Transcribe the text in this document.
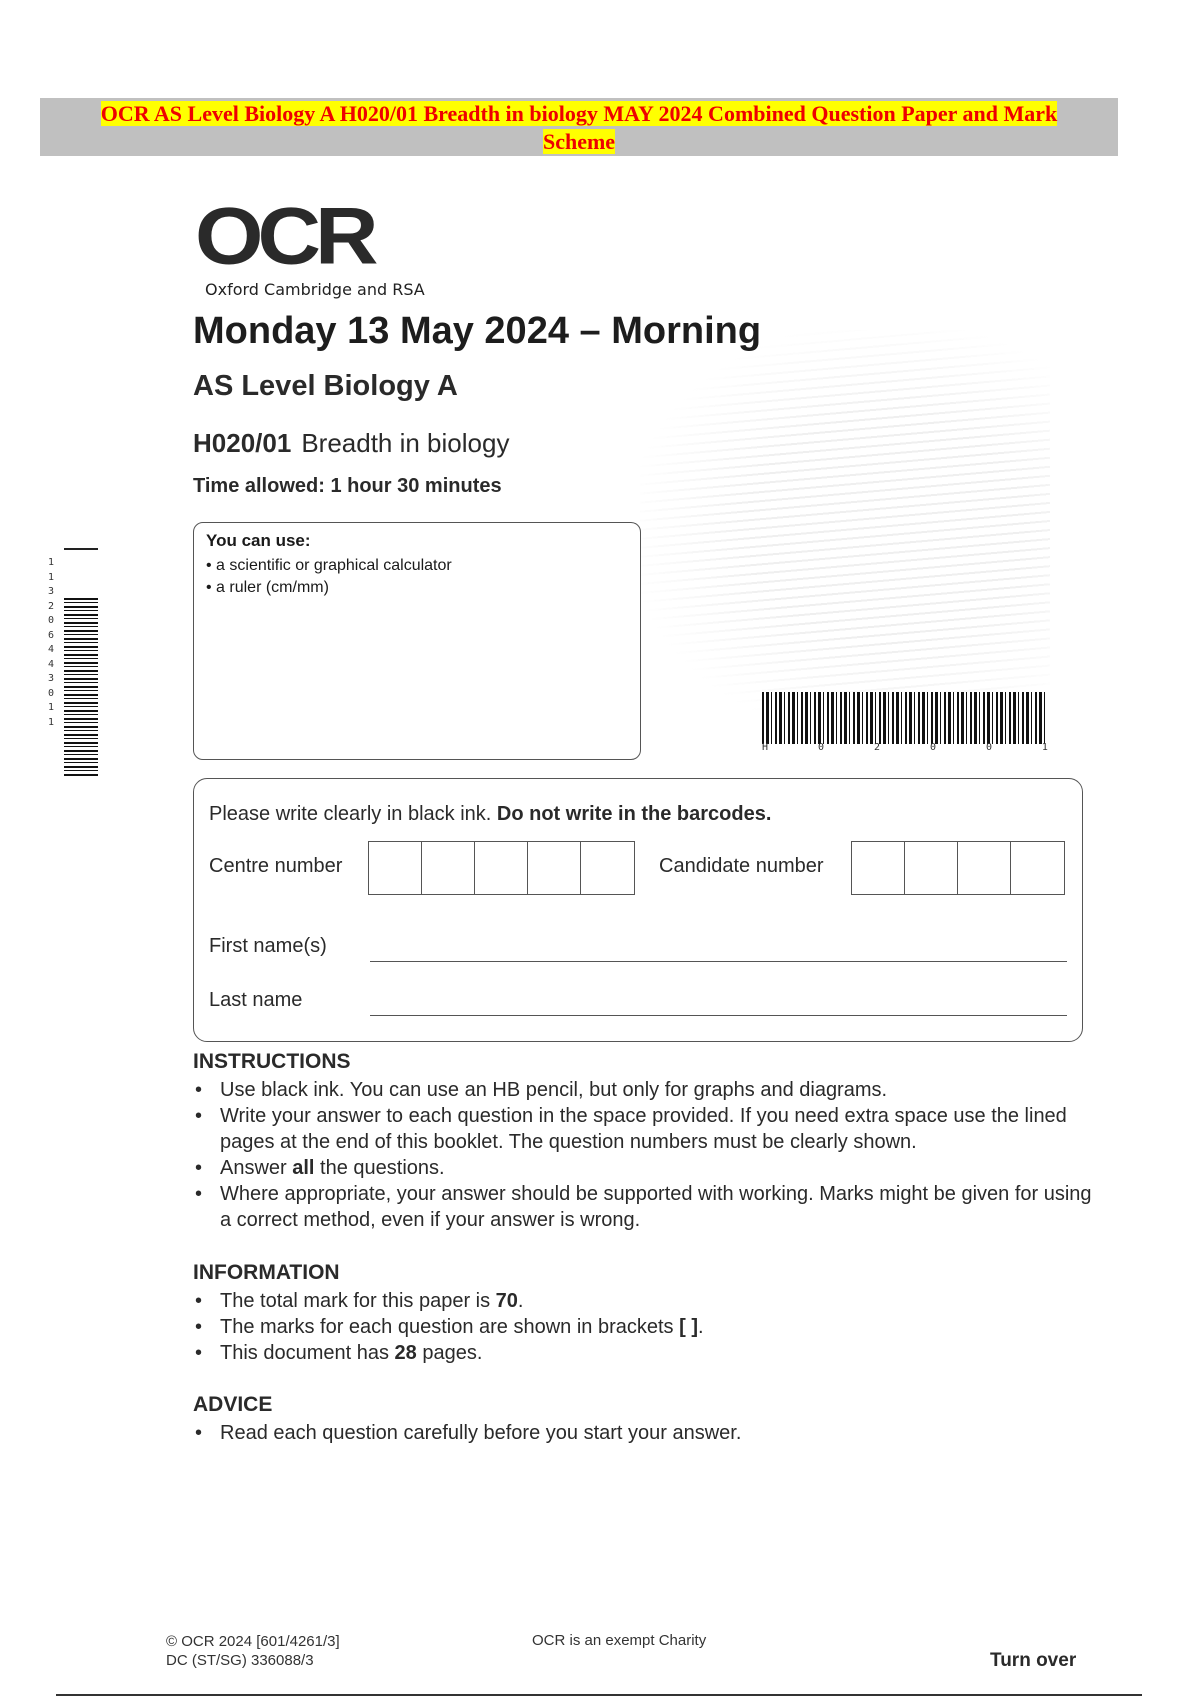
OCR AS Level Biology A H020/01 Breadth in biology MAY 2024 Combined Question Paper and Mark
Scheme
OCR
Oxford Cambridge and RSA
Monday 13 May 2024 – Morning
AS Level Biology A
H020/01 Breadth in biology
Time allowed: 1 hour 30 minutes
You can use:
• a scientific or graphical calculator
• a ruler (cm/mm)
1 1 3 2 0 6 4 4 3 0 1 1
H	0	2	0	0	1
Please write clearly in black ink. Do not write in the barcodes.
Centre number	Candidate number
First name(s)
Last name
INSTRUCTIONS
• Use black ink. You can use an HB pencil, but only for graphs and diagrams.
• Write your answer to each question in the space provided. If you need extra space use the lined pages at the end of this booklet. The question numbers must be clearly shown.
• Answer all the questions.
• Where appropriate, your answer should be supported with working. Marks might be given for using a correct method, even if your answer is wrong.
INFORMATION
• The total mark for this paper is 70.
• The marks for each question are shown in brackets [ ].
• This document has 28 pages.
ADVICE
• Read each question carefully before you start your answer.
© OCR 2024 [601/4261/3]
DC (ST/SG) 336088/3
OCR is an exempt Charity
Turn over
